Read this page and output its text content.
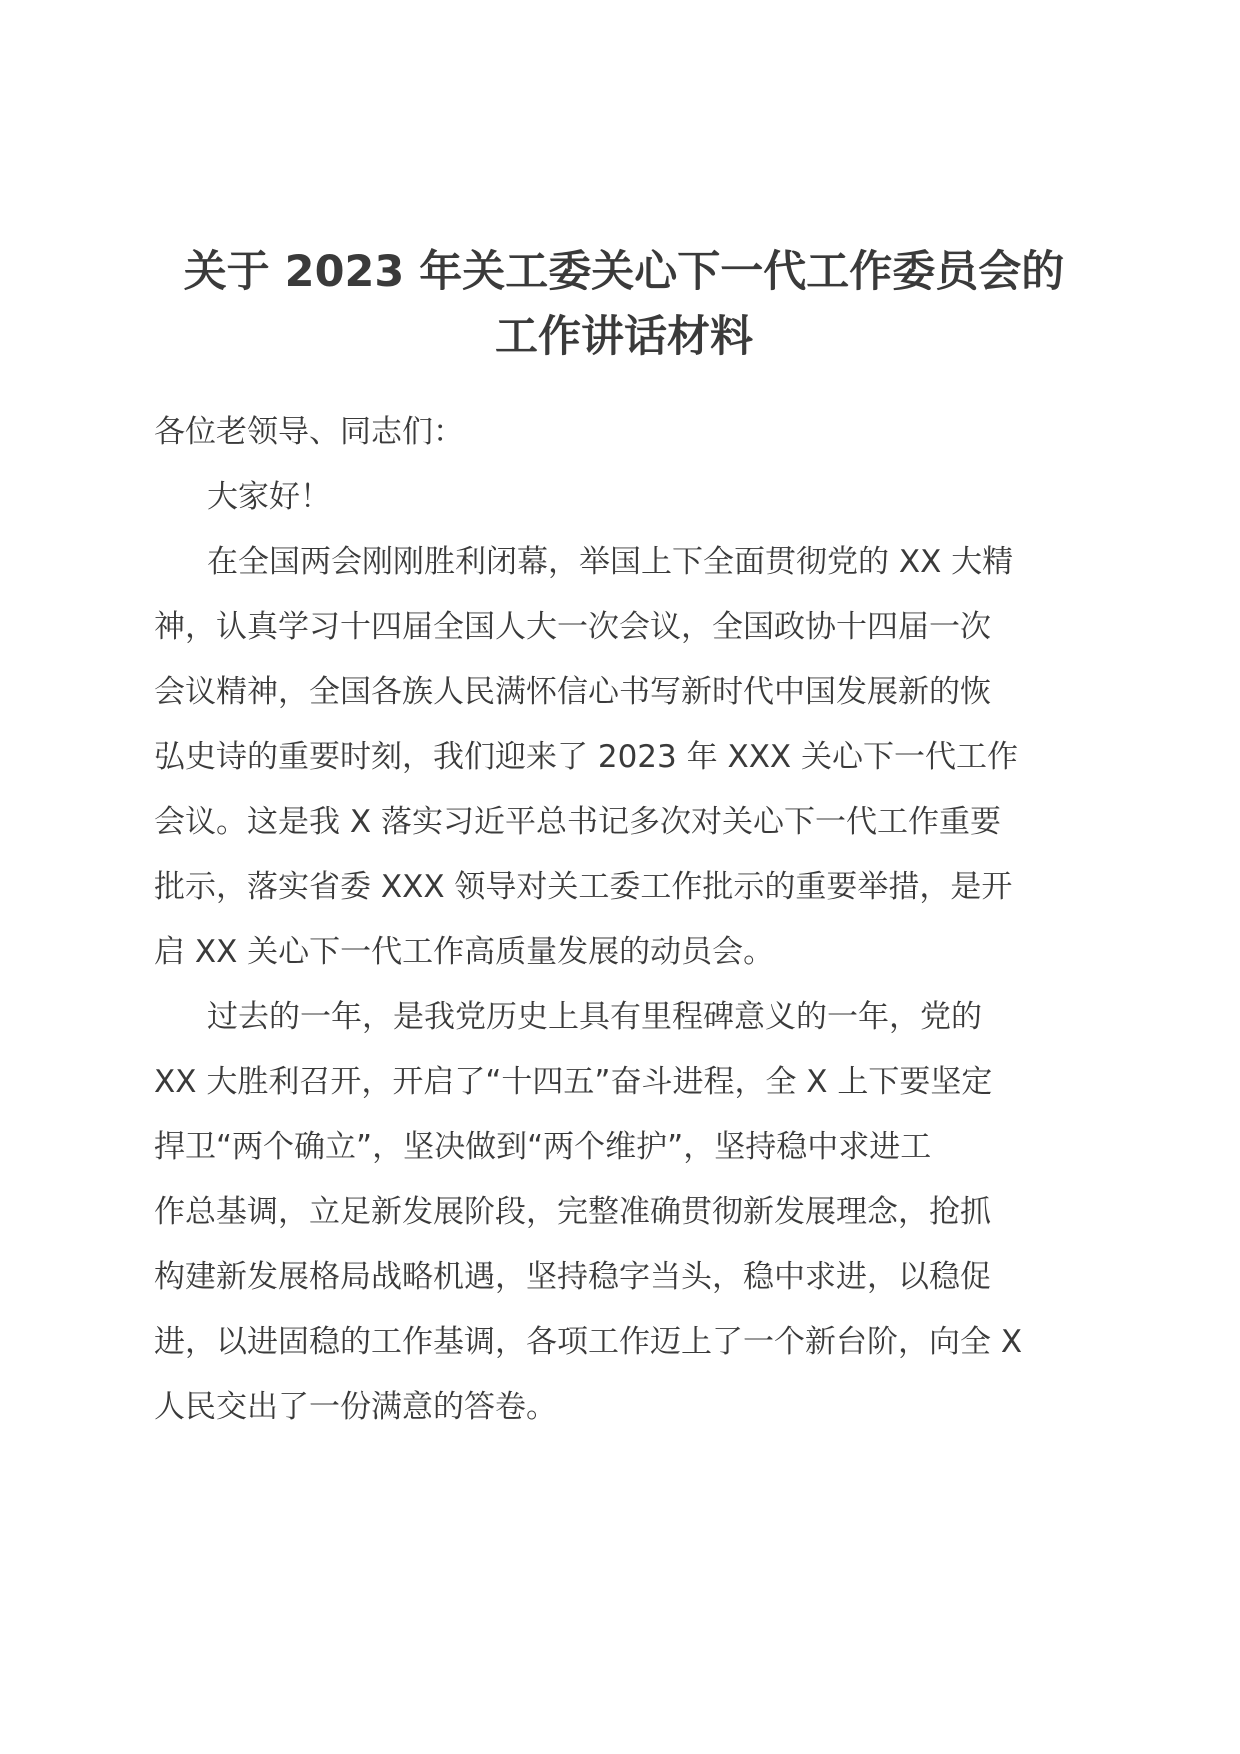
关于 2023 年关工委关心下一代工作委员会的
工作讲话材料
各位老领导、同志们：
大家好！
在全国两会刚刚胜利闭幕，举国上下全面贯彻党的 XX 大精
神，认真学习十四届全国人大一次会议，全国政协十四届一次
会议精神，全国各族人民满怀信心书写新时代中国发展新的恢
弘史诗的重要时刻，我们迎来了 2023 年 XXX 关心下一代工作
会议。这是我 X 落实习近平总书记多次对关心下一代工作重要
批示，落实省委 XXX 领导对关工委工作批示的重要举措，是开
启 XX 关心下一代工作高质量发展的动员会。
过去的一年，是我党历史上具有里程碑意义的一年，党的
XX 大胜利召开，开启了“十四五”奋斗进程，全 X 上下要坚定
捍卫“两个确立”，坚决做到“两个维护”，坚持稳中求进工
作总基调，立足新发展阶段，完整准确贯彻新发展理念，抢抓
构建新发展格局战略机遇，坚持稳字当头，稳中求进，以稳促
进，以进固稳的工作基调，各项工作迈上了一个新台阶，向全 X
人民交出了一份满意的答卷。
